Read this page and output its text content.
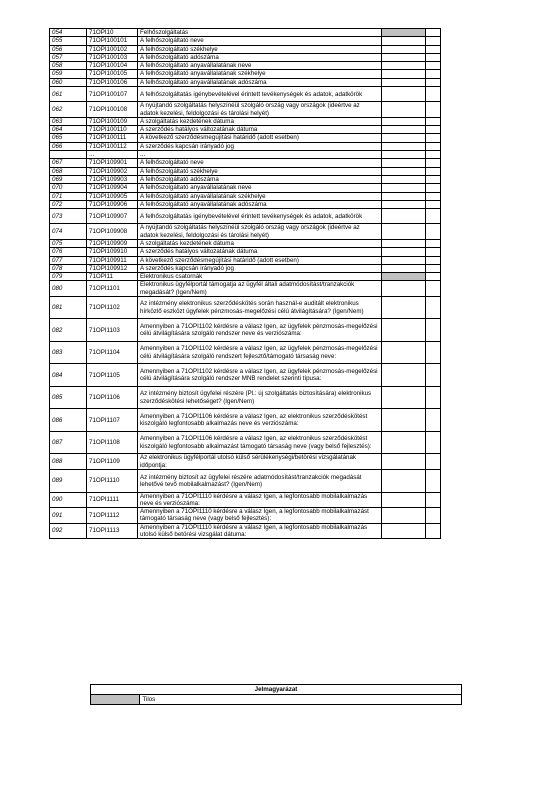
054	71OPI10	Felhőszolgáltatás		
055	71OPI100101	A felhőszolgáltató neve		
056	71OPI100102	A felhőszolgáltató székhelye		
057	71OPI100103	A felhőszolgáltató adószáma		
058	71OPI100104	A felhőszolgáltató anyavállalatának neve		
059	71OPI100105	A felhőszolgáltató anyavállalatának székhelye		
060	71OPI100106	A felhőszolgáltató anyavállalatának adószáma		
061	71OPI100107	A felhőszolgáltatás igénybevételével érintett tevékenységek és adatok, adatkörök		
062	71OPI100108	A nyújtandó szolgáltatás helyszínéül szolgáló ország vagy országok (ideértve az adatok kezelési, feldolgozási és tárolási helyét)		
063	71OPI100109	A szolgáltatás kezdetének dátuma		
064	71OPI100110	A szerződés hatályos változatának dátuma		
065	71OPI100111	A következő szerződésmegújítási határidő (adott esetben)		
066	71OPI100112	A szerződés kapcsán irányadó jog		
	...	...		
067	71OPI109901	A felhőszolgáltató neve		
068	71OPI109902	A felhőszolgáltató székhelye		
069	71OPI109903	A felhőszolgáltató adószáma		
070	71OPI109904	A felhőszolgáltató anyavállalatának neve		
071	71OPI109905	A felhőszolgáltató anyavállalatának székhelye		
072	71OPI109906	A felhőszolgáltató anyavállalatának adószáma		
073	71OPI109907	A felhőszolgáltatás igénybevételével érintett tevékenységek és adatok, adatkörök		
074	71OPI109908	A nyújtandó szolgáltatás helyszínéül szolgáló ország vagy országok (ideértve az adatok kezelési, feldolgozási és tárolási helyét)		
075	71OPI109909	A szolgáltatás kezdetének dátuma		
076	71OPI109910	A szerződés hatályos változatának dátuma		
077	71OPI109911	A következő szerződésmegújítási határidő (adott esetben)		
078	71OPI109912	A szerződés kapcsán irányadó jog		
079	71OPI11	Elektronikus csatornák		
080	71OPI1101	Elektronikus ügyfélportál támogatja az ügyfél általi adatmódosítást/tranzakciók megadását? (Igen/Nem)		
081	71OPI1102	Az intézmény elektronikus szerződéskötés során használ-e auditált elektronikus hírközlő eszközt ügyfelek pénzmosás-megelőzési célú átvilágítására? (Igen/Nem)		
082	71OPI1103	Amennyiben a 71OPI1102 kérdésre a válasz Igen, az ügyfelek pénzmosás-megelőzési célú átvilágítására szolgáló rendszer neve és verziószáma:		
083	71OPI1104	Amennyiben a 71OPI1102 kérdésre a válasz Igen, az ügyfelek pénzmosás-megelőzési célú átvilágítására szolgáló rendszert fejlesztő/támogató társaság neve:		
084	71OPI1105	Amennyiben a 71OPI1102 kérdésre a válasz Igen, az ügyfelek pénzmosás-megelőzési célú átvilágítására szolgáló rendszer MNB rendelet szerinti típusa:		
085	71OPI1106	Az intézmény biztosít ügyfelei részére (Pl.: új szolgáltatás biztosítására) elektronikus szerződéskötési lehetőséget? (Igen/Nem)		
086	71OPI1107	Amennyiben a 71OPI1106 kérdésre a válasz Igen, az elektronikus szerződéskötést kiszolgáló legfontosabb alkalmazás neve és verziószáma:		
087	71OPI1108	Amennyiben a 71OPI1106 kérdésre a válasz Igen, az elektronikus szerződéskötést kiszolgáló legfontosabb alkalmazást támogató társaság neve (vagy belső fejlesztés):		
088	71OPI1109	Az elektronikus ügyfélportál utolsó külső sérülékenységi/betörési vizsgálatának időpontja:		
089	71OPI1110	Az intézmény biztosít az ügyfelei részére adatmódosítást/tranzakciók megadását lehetővé tevő mobilalkalmazást? (Igen/Nem)		
090	71OPI1111	Amennyiben a 71OPI1110 kérdésre a válasz Igen, a legfontosabb mobilalkalmazás neve és verziószáma:		
091	71OPI1112	Amennyiben a 71OPI1110 kérdésre a válasz Igen, a legfontosabb mobilalkalmazást támogató társaság neve (vagy belső fejlesztés):		
092	71OPI1113	Amennyiben a 71OPI1110 kérdésre a válasz Igen, a legfontosabb mobilalkalmazás utolsó külső betörési vizsgálat dátuma:		
Jelmagyarázat
	Tilos
